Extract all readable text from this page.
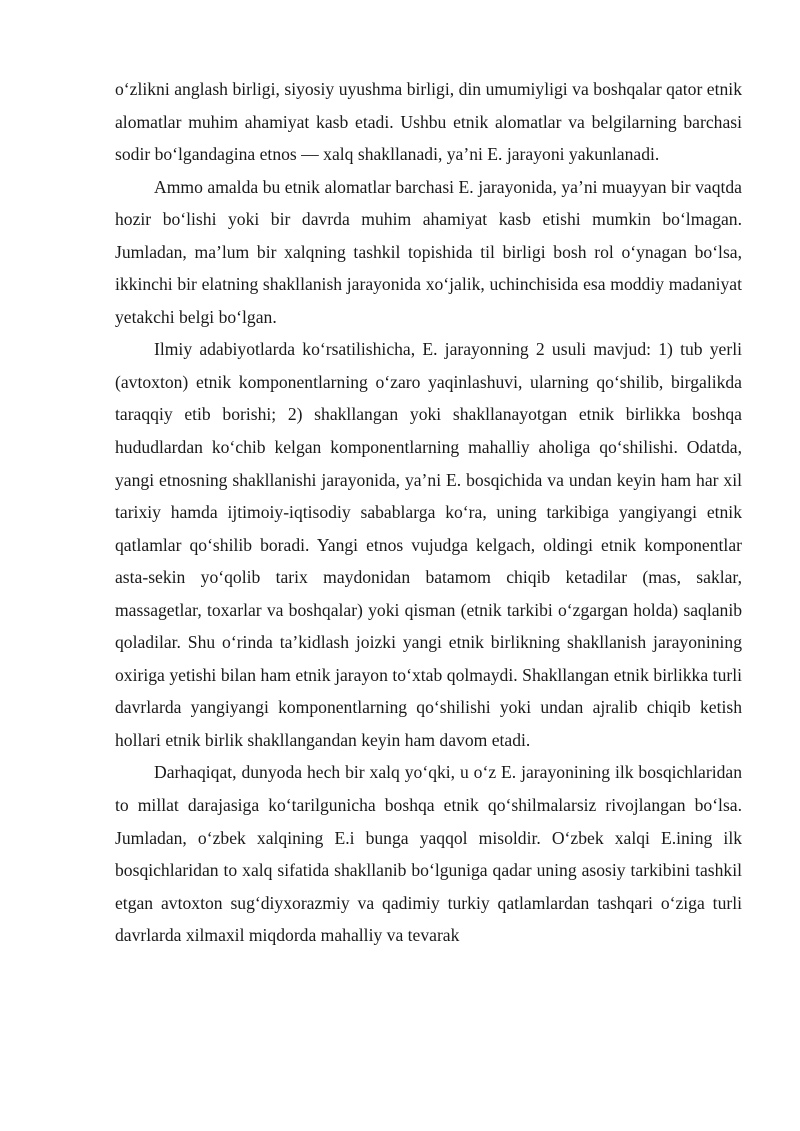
o‘zlikni anglash birligi, siyosiy uyushma birligi, din umumiyligi va boshqalar qator etnik alomatlar muhim ahamiyat kasb etadi. Ushbu etnik alomatlar va belgilarning barchasi sodir bo‘lgandagina etnos — xalq shakllanadi, ya’ni E. jarayoni yakunlanadi.

Ammo amalda bu etnik alomatlar barchasi E. jarayonida, ya’ni muayyan bir vaqtda hozir bo‘lishi yoki bir davrda muhim ahamiyat kasb etishi mumkin bo‘lmagan. Jumladan, ma’lum bir xalqning tashkil topishida til birligi bosh rol o‘ynagan bo‘lsa, ikkinchi bir elatning shakllanish jarayonida xo‘jalik, uchinchisida esa moddiy madaniyat yetakchi belgi bo‘lgan.

Ilmiy adabiyotlarda ko‘rsatilishicha, E. jarayonning 2 usuli mavjud: 1) tub yerli (avtoxton) etnik komponentlarning o‘zaro yaqinlashuvi, ularning qo‘shilib, birgalikda taraqqiy etib borishi; 2) shakllangan yoki shakllanayotgan etnik birlikka boshqa hududlardan ko‘chib kelgan komponentlarning mahalliy aholiga qo‘shilishi. Odatda, yangi etnosning shakllanishi jarayonida, ya’ni E. bosqichida va undan keyin ham har xil tarixiy hamda ijtimoiy-iqtisodiy sabablarga ko‘ra, uning tarkibiga yangiyangi etnik qatlamlar qo‘shilib boradi. Yangi etnos vujudga kelgach, oldingi etnik komponentlar asta-sekin yo‘qolib tarix maydonidan batamom chiqib ketadilar (mas, saklar, massagetlar, toxarlar va boshqalar) yoki qisman (etnik tarkibi o‘zgargan holda) saqlanib qoladilar. Shu o‘rinda ta’kidlash joizki yangi etnik birlikning shakllanish jarayonining oxiriga yetishi bilan ham etnik jarayon to‘xtab qolmaydi. Shakllangan etnik birlikka turli davrlarda yangiyangi komponentlarning qo‘shilishi yoki undan ajralib chiqib ketish hollari etnik birlik shakllangandan keyin ham davom etadi.

Darhaqiqat, dunyoda hech bir xalq yo‘qki, u o‘z E. jarayonining ilk bosqichlaridan to millat darajasiga ko‘tarilgunicha boshqa etnik qo‘shilmalarsiz rivojlangan bo‘lsa. Jumladan, o‘zbek xalqining E.i bunga yaqqol misoldir. O‘zbek xalqi E.ining ilk bosqichlaridan to xalq sifatida shakllanib bo‘lguniga qadar uning asosiy tarkibini tashkil etgan avtoxton sug‘diyxorazmiy va qadimiy turkiy qatlamlardan tashqari o‘ziga turli davrlarda xilmaxil miqdorda mahalliy va tevarak
